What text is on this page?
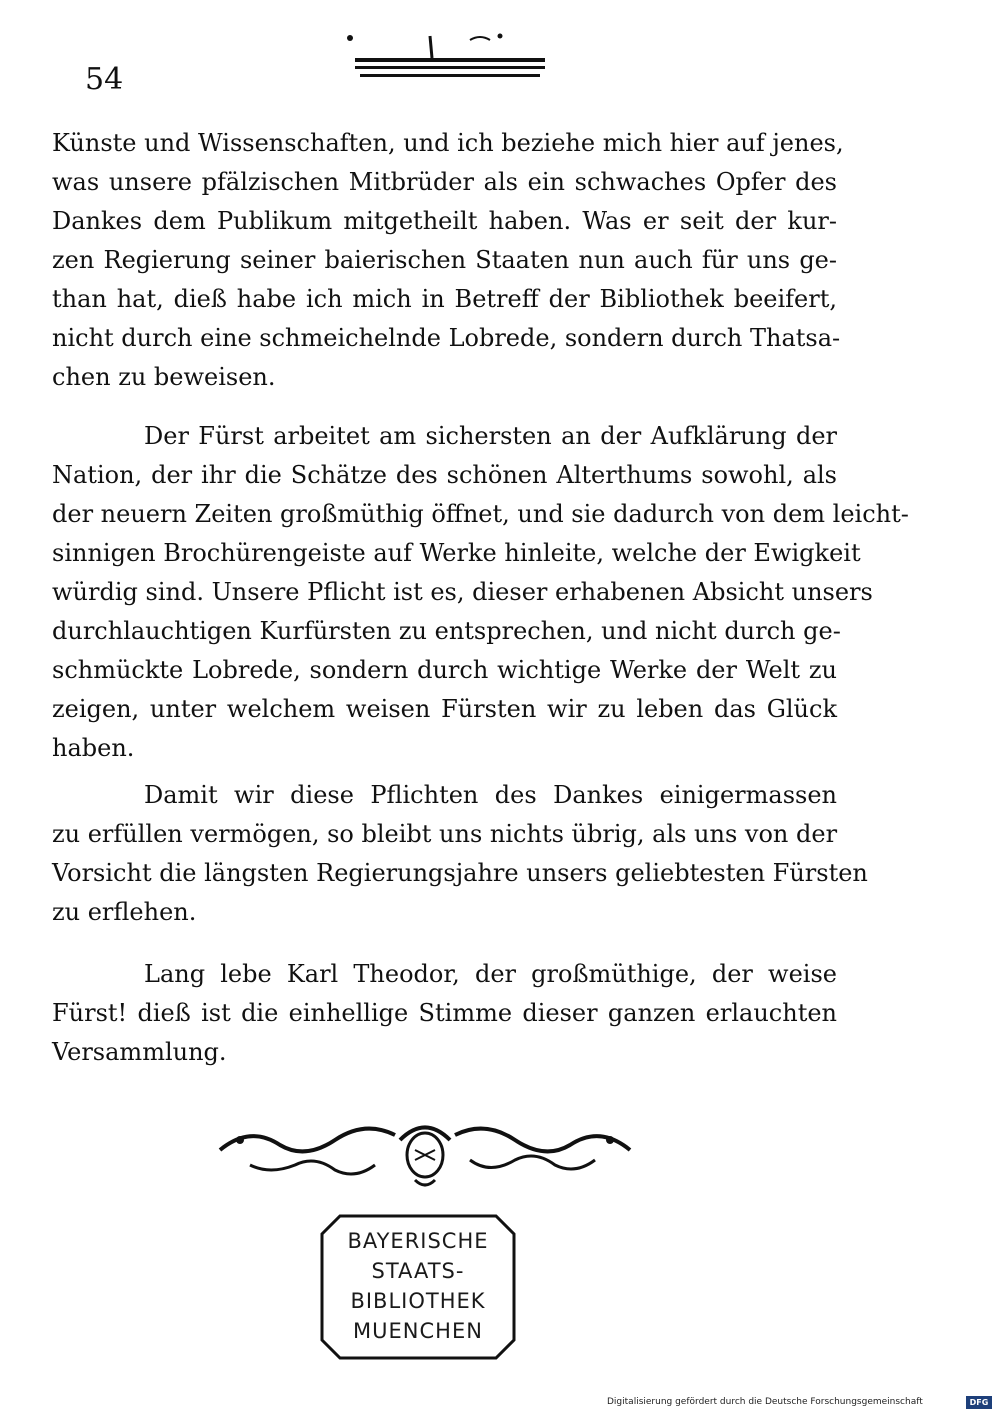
54
Künste und Wissenschaften, und ich beziehe mich hier auf jenes,
was unsere pfälzischen Mitbrüder als ein schwaches Opfer des
Dankes dem Publikum mitgetheilt haben. Was er seit der kur-
zen Regierung seiner baierischen Staaten nun auch für uns ge-
than hat, dieß habe ich mich in Betreff der Bibliothek beeifert,
nicht durch eine schmeichelnde Lobrede, sondern durch Thatsa-
chen zu beweisen.
Der Fürst arbeitet am sichersten an der Aufklärung der
Nation, der ihr die Schätze des schönen Alterthums sowohl, als
der neuern Zeiten großmüthig öffnet, und sie dadurch von dem leicht-
sinnigen Brochürengeiste auf Werke hinleite, welche der Ewigkeit
würdig sind. Unsere Pflicht ist es, dieser erhabenen Absicht unsers
durchlauchtigen Kurfürsten zu entsprechen, und nicht durch ge-
schmückte Lobrede, sondern durch wichtige Werke der Welt zu
zeigen, unter welchem weisen Fürsten wir zu leben das Glück
haben.
Damit wir diese Pflichten des Dankes einigermassen
zu erfüllen vermögen, so bleibt uns nichts übrig, als uns von der
Vorsicht die längsten Regierungsjahre unsers geliebtesten Fürsten
zu erflehen.
Lang lebe Karl Theodor, der großmüthige, der weise
Fürst! dieß ist die einhellige Stimme dieser ganzen erlauchten
Versammlung.
BAYERISCHE
STAATS-
BIBLIOTHEK
MUENCHEN
Digitalisierung gefördert durch die Deutsche Forschungsgemeinschaft	DFG
